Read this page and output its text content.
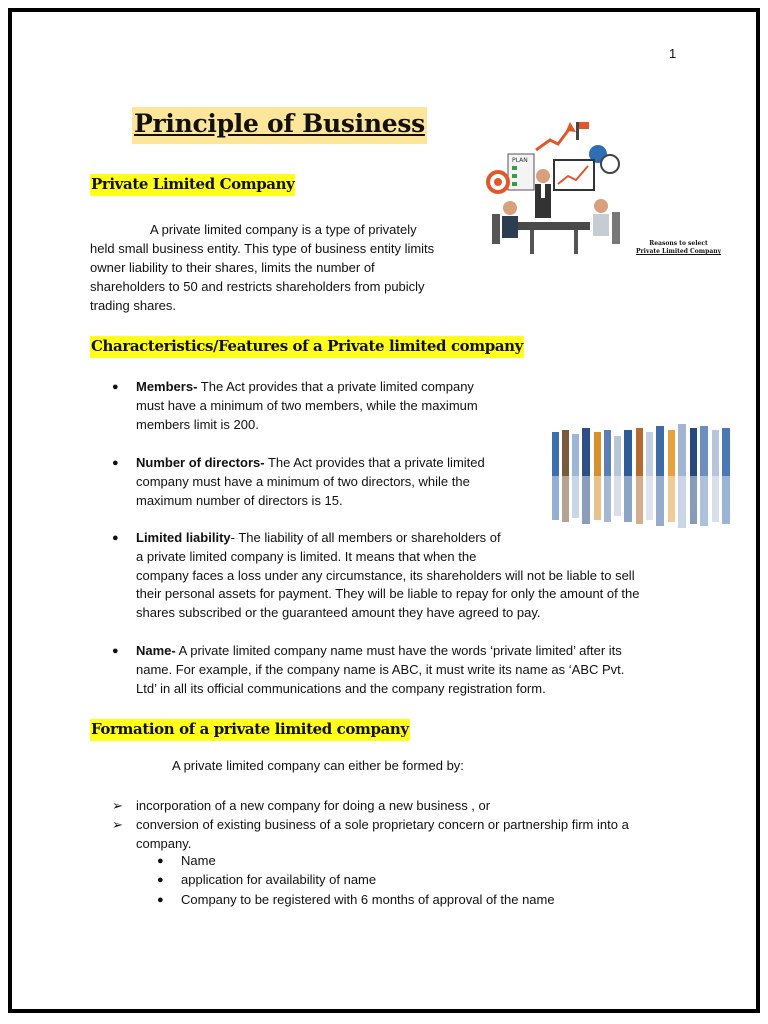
1
Principle of Business
Private Limited Company
A private limited company is a type of privately
held small business entity. This type of business entity limits
owner liability to their shares, limits the number of
shareholders to 50 and restricts shareholders from pubicly
trading shares.
PLAN
Reasons to select
Private Limited Company
Characteristics/Features of a Private limited company
● Members- The Act provides that a private limited company
must have a minimum of two members, while the maximum
members limit is 200.
● Number of directors- The Act provides that a private limited
company must have a minimum of two directors, while the
maximum number of directors is 15.
● Limited liability- The liability of all members or shareholders of
a private limited company is limited. It means that when the
company faces a loss under any circumstance, its shareholders will not be liable to sell
their personal assets for payment. They will be liable to repay for only the amount of the
shares subscribed or the guaranteed amount they have agreed to pay.
● Name- A private limited company name must have the words ‘private limited’ after its
name. For example, if the company name is ABC, it must write its name as ‘ABC Pvt.
Ltd’ in all its official communications and the company registration form.
Formation of a private limited company
A private limited company can either be formed by:
➢ incorporation of a new company for doing a new business , or
➢ conversion of existing business of a sole proprietary concern or partnership firm into a company.
● Name
● application for availability of name
● Company to be registered with 6 months of approval of the name
